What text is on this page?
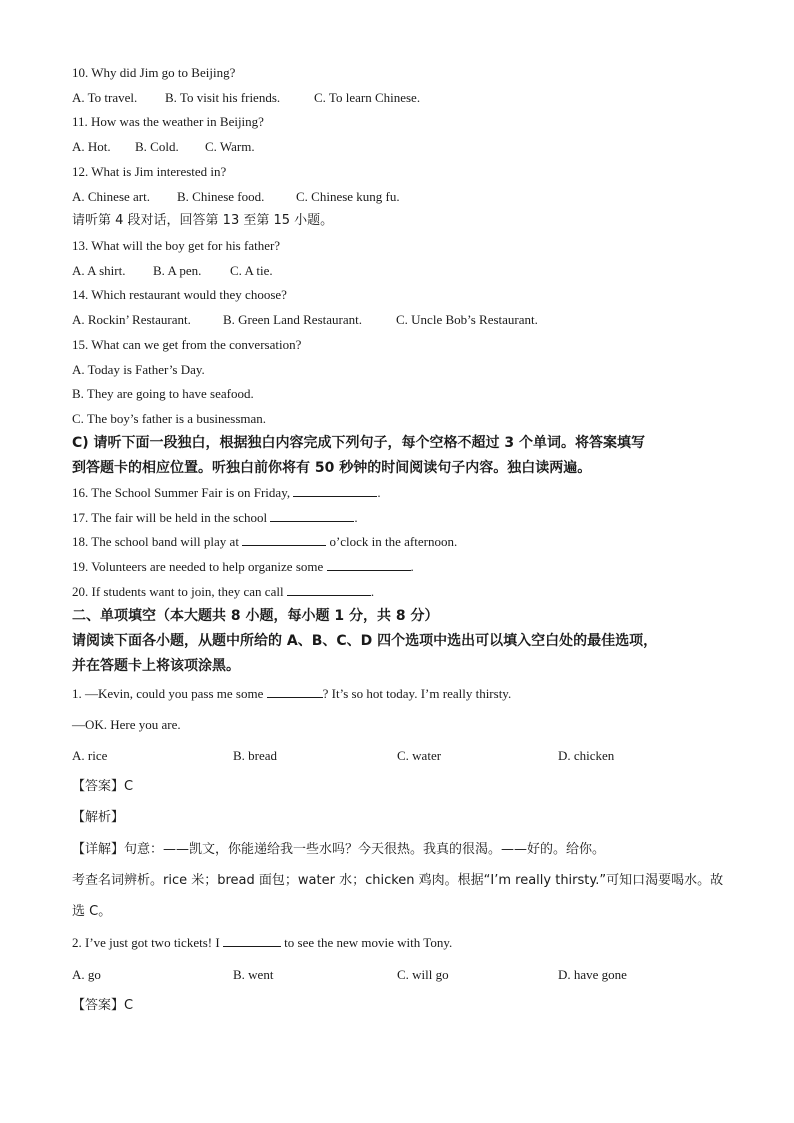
10. Why did Jim go to Beijing?
A. To travel. B. To visit his friends.	C. To learn Chinese.
11. How was the weather in Beijing?
A. Hot. B. Cold. C. Warm.
12. What is Jim interested in?
A. Chinese art. B. Chinese food. C. Chinese kung fu.
请听第 4 段对话，回答第 13 至第 15 小题。
13. What will the boy get for his father?
A. A shirt. B. A pen. C. A tie.
14. Which restaurant would they choose?
A. Rockin’ Restaurant. B. Green Land Restaurant.	C. Uncle Bob’s Restaurant.
15. What can we get from the conversation?
A. Today is Father’s Day.
B. They are going to have seafood.
C. The boy’s father is a businessman.
C) 请听下面一段独白，根据独白内容完成下列句子，每个空格不超过 3 个单词。将答案填写
到答题卡的相应位置。听独白前你将有 50 秒钟的时间阅读句子内容。独白读两遍。
16. The School Summer Fair is on Friday,	.
17. The fair will be held in the school	.
18. The school band will play at	o’clock in the afternoon.
19. Volunteers are needed to help organize some	.
20. If students want to join, they can call	.
二、单项填空（本大题共 8 小题，每小题 1 分，共 8 分）
请阅读下面各小题，从题中所给的 A、B、C、D 四个选项中选出可以填入空白处的最佳选项，
并在答题卡上将该项涂黑。
1. —Kevin, could you pass me some	? It’s so hot today. I’m really thirsty.
—OK. Here you are.
A. rice	B. bread	C. water	D. chicken
【答案】C
【解析】
【详解】句意：——凯文，你能递给我一些水吗？今天很热。我真的很渴。——好的。给你。
考查名词辨析。rice 米；bread 面包；water 水；chicken 鸡肉。根据“I’m really thirsty.”可知口渴要喝水。故
选 C。
2. I’ve just got two tickets! I	to see the new movie with Tony.
A. go	B. went	C. will go	D. have gone
【答案】C
